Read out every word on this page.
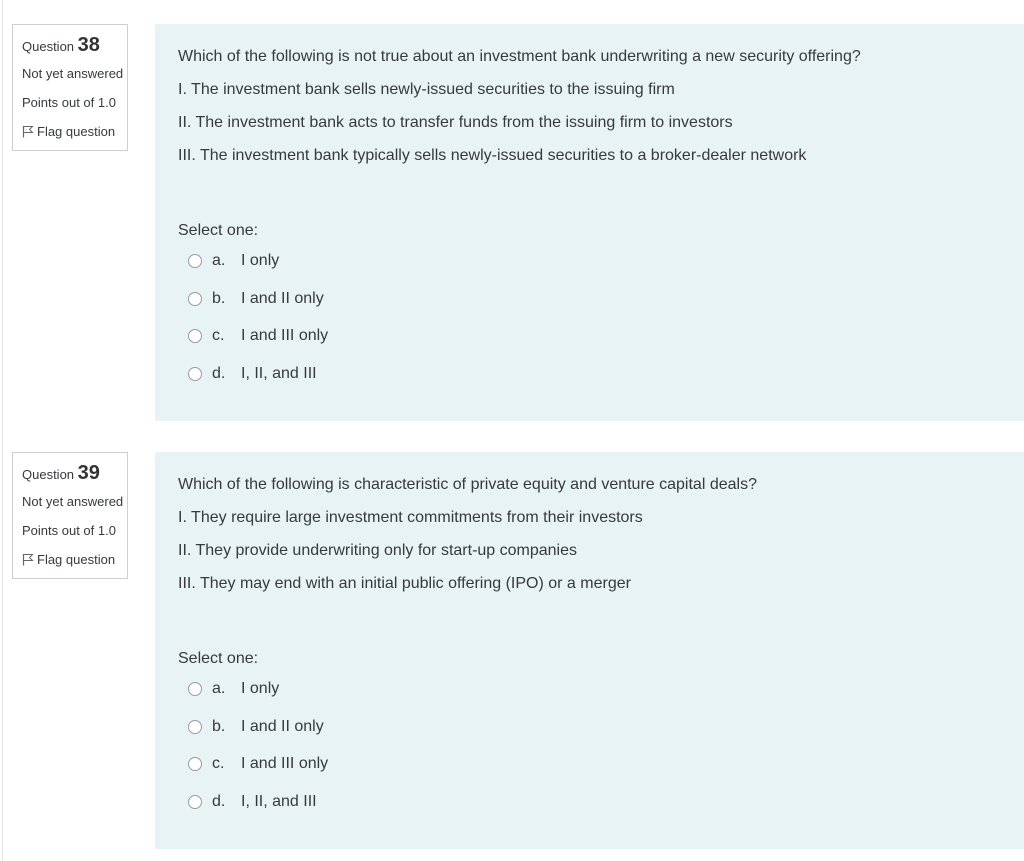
Question 38
Not yet answered
Points out of 1.0
Flag question

Which of the following is not true about an investment bank underwriting a new security offering?

I. The investment bank sells newly-issued securities to the issuing firm

II. The investment bank acts to transfer funds from the issuing firm to investors

III. The investment bank typically sells newly-issued securities to a broker-dealer network

Select one:
a. I only
b. I and II only
c.	I and III only
d. I, II, and III
Question 39
Not yet answered
Points out of 1.0
Flag question

Which of the following is characteristic of private equity and venture capital deals?

I. They require large investment commitments from their investors

II. They provide underwriting only for start-up companies

III. They may end with an initial public offering (IPO) or a merger

Select one:
a. I only
b. I and II only
c.	I and III only
d. I, II, and III
